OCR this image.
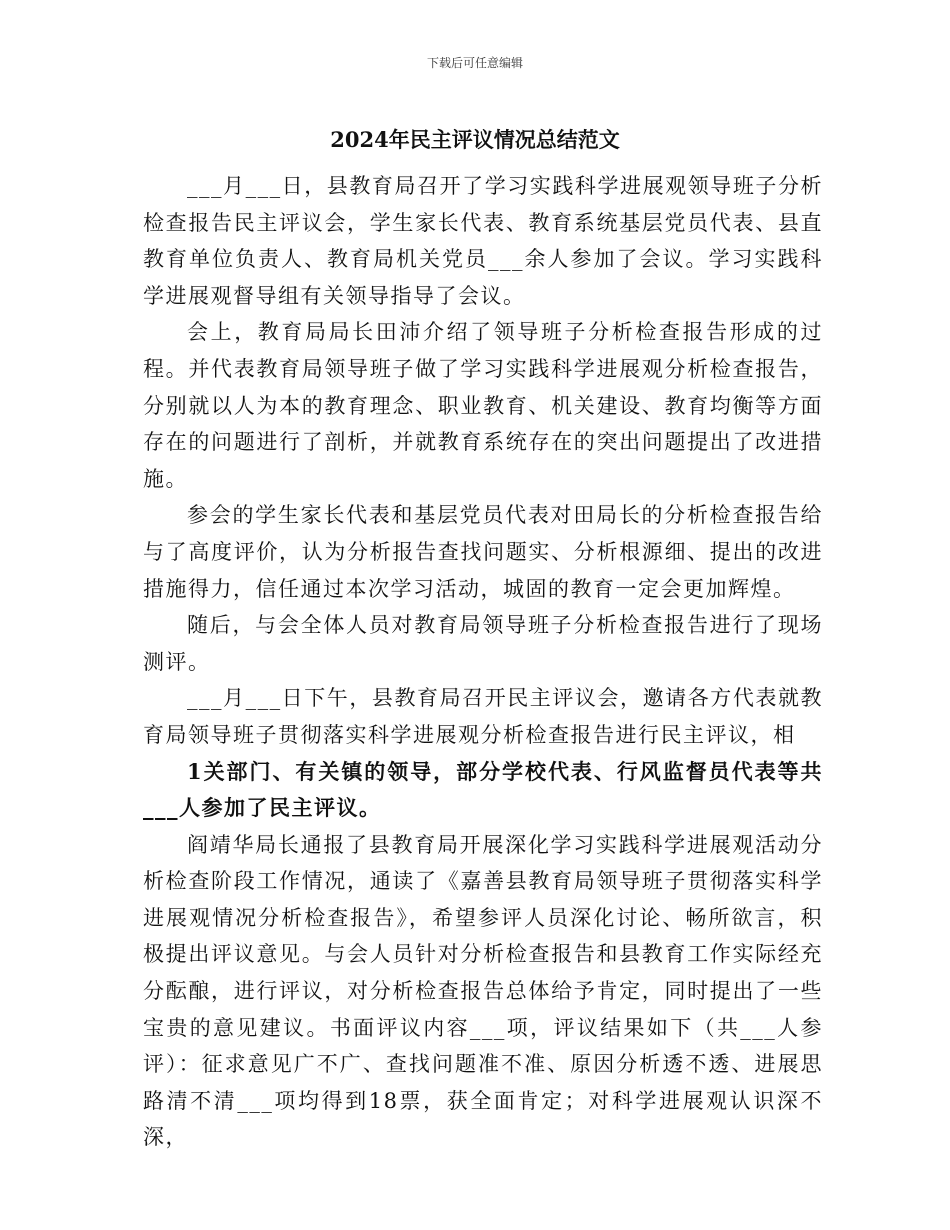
下载后可任意编辑
2024年民主评议情况总结范文

___月___日，县教育局召开了学习实践科学进展观领导班子分析检查报告民主评议会，学生家长代表、教育系统基层党员代表、县直教育单位负责人、教育局机关党员___余人参加了会议。学习实践科学进展观督导组有关领导指导了会议。

会上，教育局局长田沛介绍了领导班子分析检查报告形成的过程。并代表教育局领导班子做了学习实践科学进展观分析检查报告，分别就以人为本的教育理念、职业教育、机关建设、教育均衡等方面存在的问题进行了剖析，并就教育系统存在的突出问题提出了改进措施。

参会的学生家长代表和基层党员代表对田局长的分析检查报告给与了高度评价，认为分析报告查找问题实、分析根源细、提出的改进措施得力，信任通过本次学习活动，城固的教育一定会更加辉煌。

随后，与会全体人员对教育局领导班子分析检查报告进行了现场测评。

___月___日下午，县教育局召开民主评议会，邀请各方代表就教育局领导班子贯彻落实科学进展观分析检查报告进行民主评议，相

1关部门、有关镇的领导，部分学校代表、行风监督员代表等共___人参加了民主评议。

阎靖华局长通报了县教育局开展深化学习实践科学进展观活动分析检查阶段工作情况，通读了《嘉善县教育局领导班子贯彻落实科学进展观情况分析检查报告》，希望参评人员深化讨论、畅所欲言，积极提出评议意见。与会人员针对分析检查报告和县教育工作实际经充分酝酿，进行评议，对分析检查报告总体给予肯定，同时提出了一些宝贵的意见建议。书面评议内容___项，评议结果如下（共___人参评）：征求意见广不广、查找问题准不准、原因分析透不透、进展思路清不清___项均得到18票，获全面肯定；对科学进展观认识深不深，
